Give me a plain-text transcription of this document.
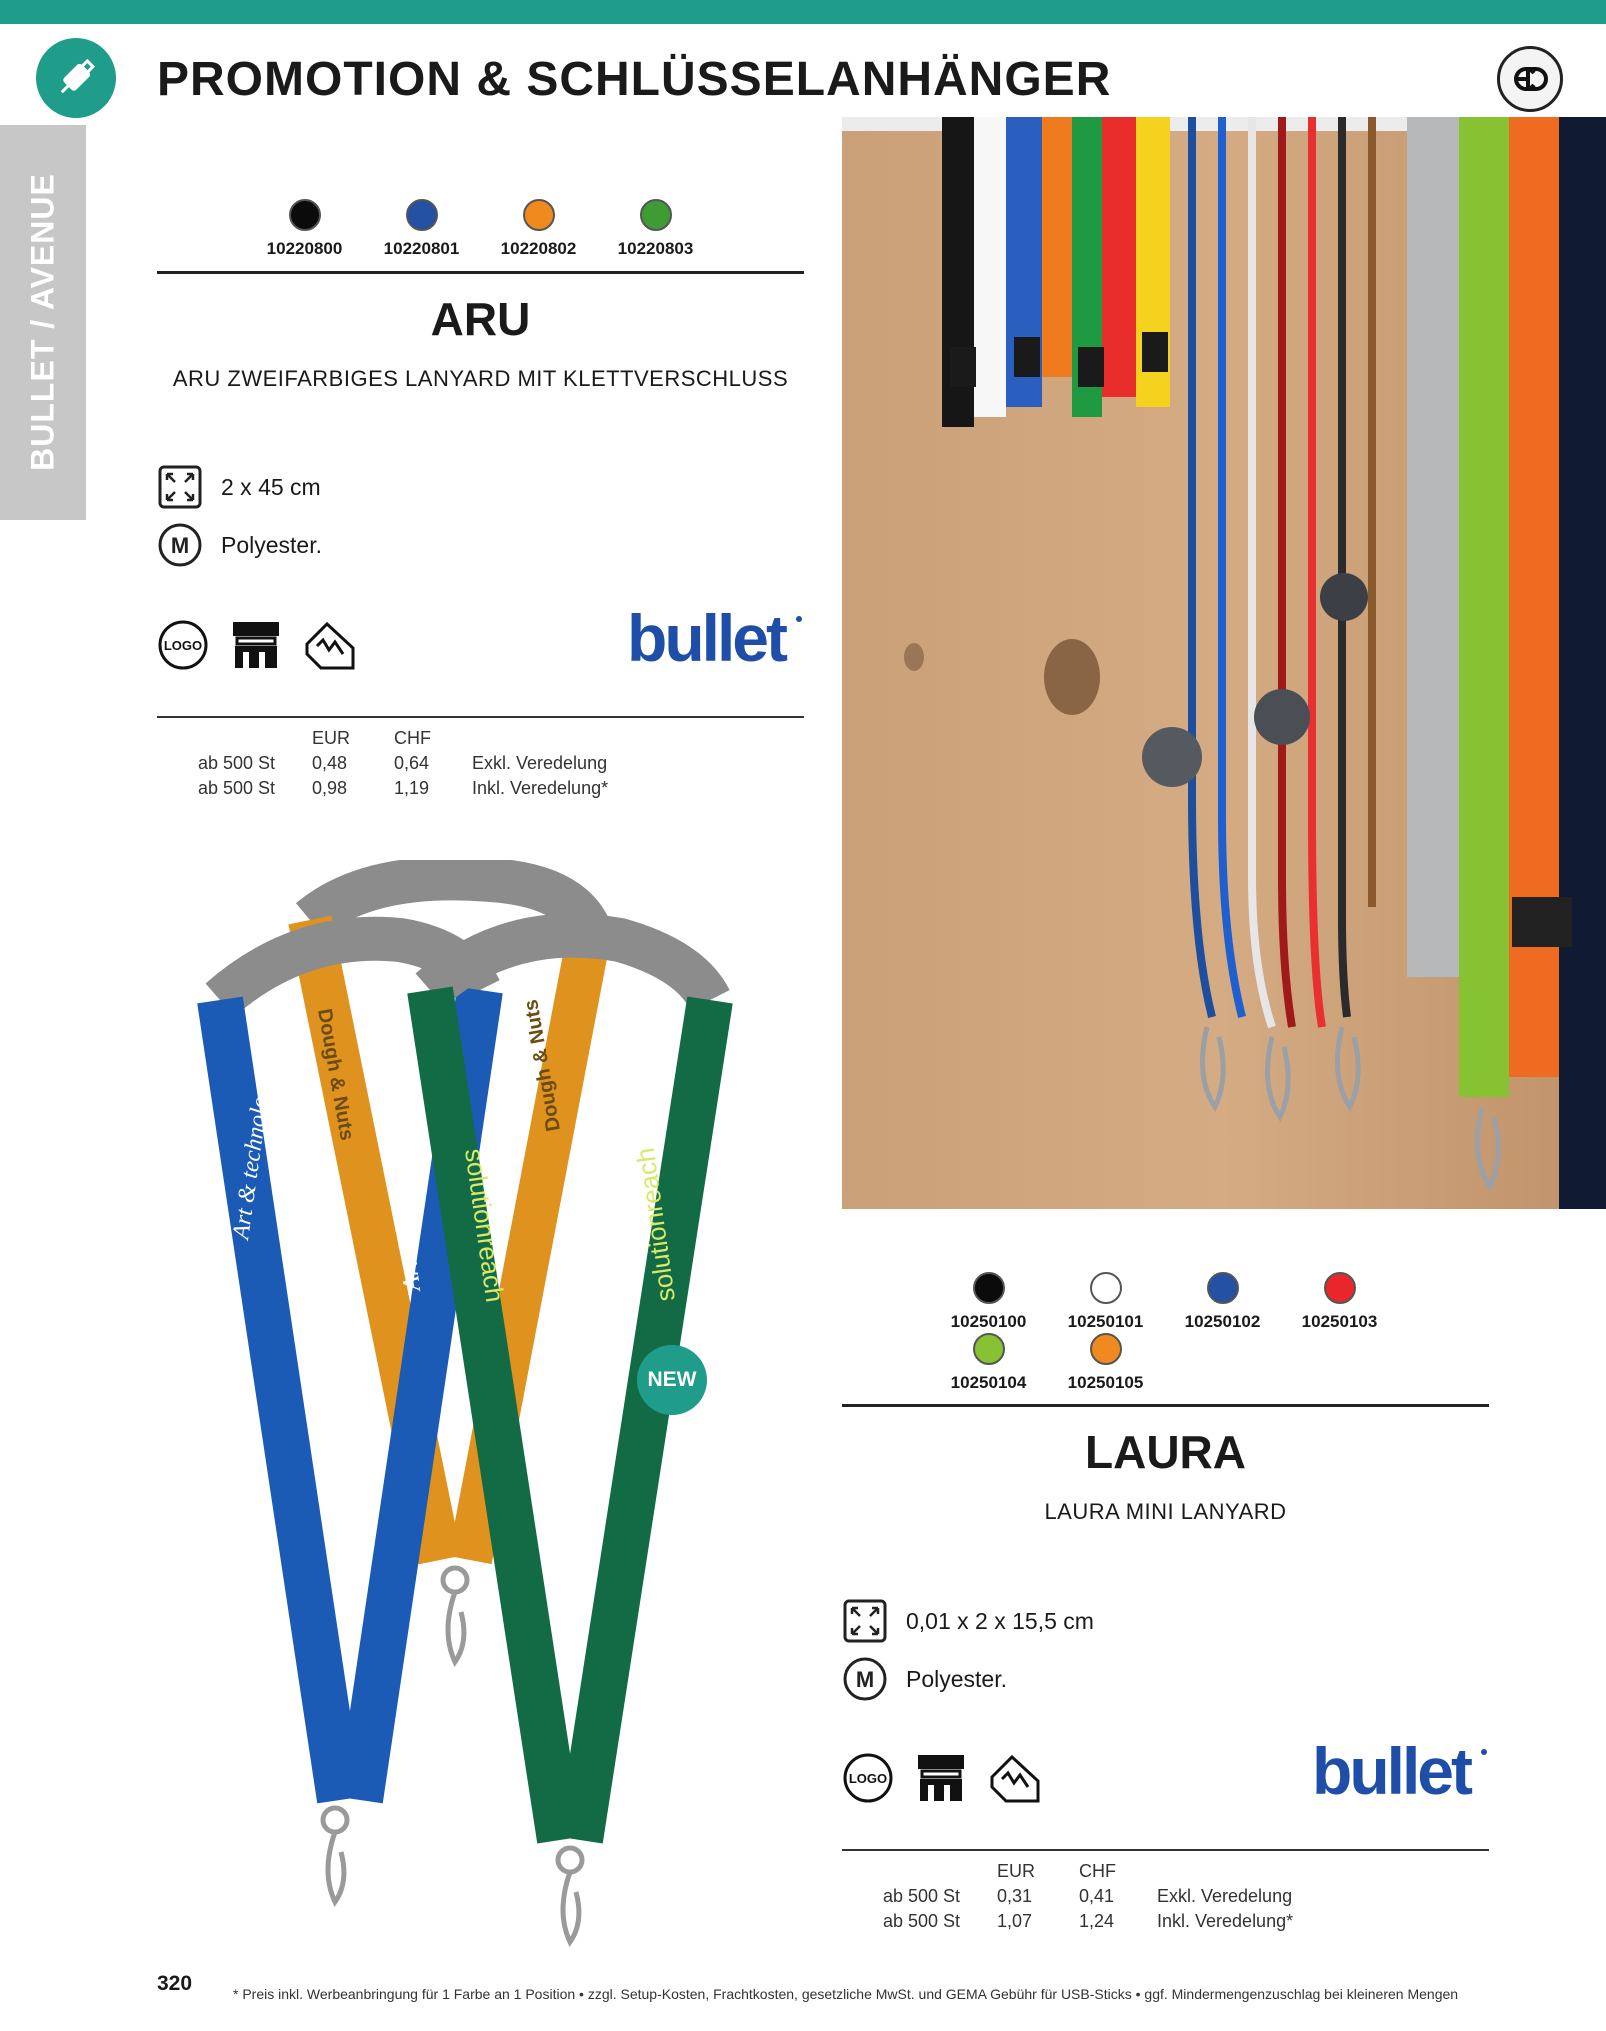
PROMOTION & SCHLÜSSELANHÄNGER
BULLET / AVENUE	10220800 10220801 10220802 10220803
ARU
ARU ZWEIFARBIGES LANYARD MIT KLETTVERSCHLUSS
2 x 45 cm
M Polyester.
LOGO	bullet
	EUR	CHF	
ab 500 St	0,48	0,64	Exkl. Veredelung
ab 500 St	0,98	1,19	Inkl. Veredelung*
Art & technology	Art & technology
Dough & Nuts	Dough & Nuts
solutionreach	solutionreach
NEW
10250100 10250101 10250102 10250103
10250104 10250105
LAURA
LAURA MINI LANYARD
0,01 x 2 x 15,5 cm
M Polyester.
LOGO	bullet
	EUR	CHF	
ab 500 St	0,31	0,41	Exkl. Veredelung
ab 500 St	1,07	1,24	Inkl. Veredelung*
320	* Preis inkl. Werbeanbringung für 1 Farbe an 1 Position • zzgl. Setup-Kosten, Frachtkosten, gesetzliche MwSt. und GEMA Gebühr für USB-Sticks • ggf. Mindermengenzuschlag bei kleineren Mengen
